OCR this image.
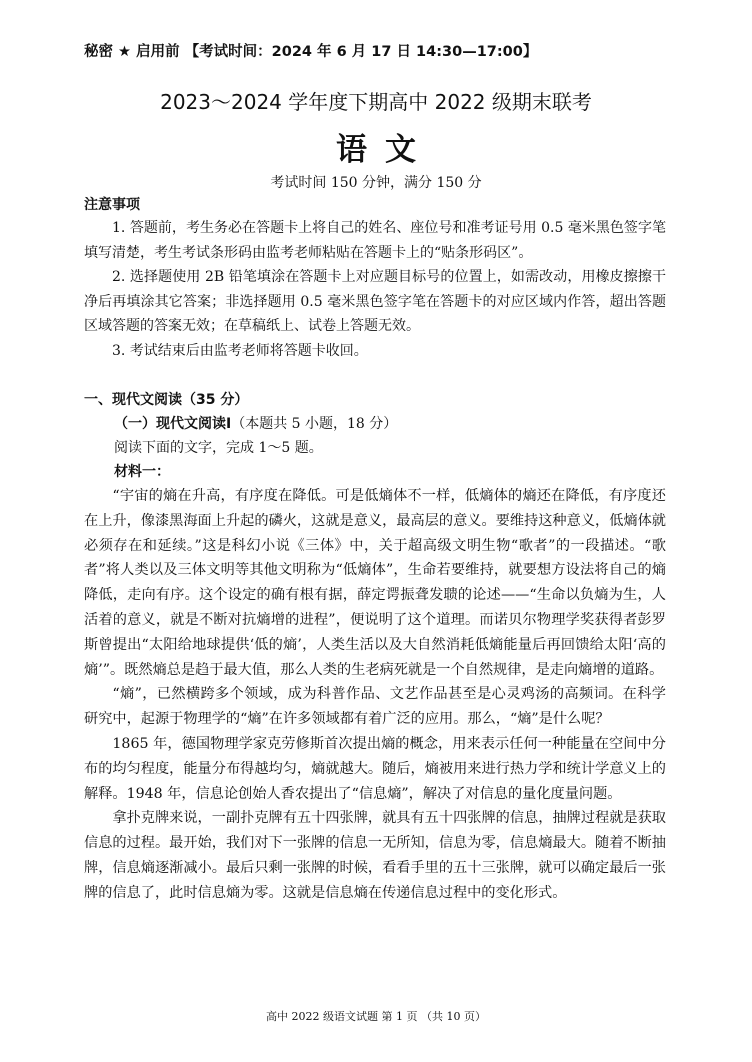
秘密 ★ 启用前 【考试时间：2024 年 6 月 17 日 14:30—17:00】
2023～2024 学年度下期高中 2022 级期末联考
语文
考试时间 150 分钟，满分 150 分
注意事项

1. 答题前，考生务必在答题卡上将自己的姓名、座位号和准考证号用 0.5 毫米黑色签字笔填写清楚，考生考试条形码由监考老师粘贴在答题卡上的“贴条形码区”。

2. 选择题使用 2B 铅笔填涂在答题卡上对应题目标号的位置上，如需改动，用橡皮擦擦干净后再填涂其它答案；非选择题用 0.5 毫米黑色签字笔在答题卡的对应区域内作答，超出答题区域答题的答案无效；在草稿纸上、试卷上答题无效。

3. 考试结束后由监考老师将答题卡收回。

一、现代文阅读（35 分）
（一）现代文阅读Ⅰ（本题共 5 小题，18 分）
阅读下面的文字，完成 1～5 题。
材料一：

“宇宙的熵在升高，有序度在降低。可是低熵体不一样，低熵体的熵还在降低，有序度还在上升，像漆黑海面上升起的磷火，这就是意义，最高层的意义。要维持这种意义，低熵体就必须存在和延续。”这是科幻小说《三体》中，关于超高级文明生物“歌者”的一段描述。“歌者”将人类以及三体文明等其他文明称为“低熵体”，生命若要维持，就要想方设法将自己的熵降低，走向有序。这个设定的确有根有据，薛定谔振聋发聩的论述——“生命以负熵为生，人活着的意义，就是不断对抗熵增的进程”，便说明了这个道理。而诺贝尔物理学奖获得者彭罗斯曾提出“太阳给地球提供‘低的熵’，人类生活以及大自然消耗低熵能量后再回馈给太阳‘高的熵’”。既然熵总是趋于最大值，那么人类的生老病死就是一个自然规律，是走向熵增的道路。

“熵”，已然横跨多个领域，成为科普作品、文艺作品甚至是心灵鸡汤的高频词。在科学研究中，起源于物理学的“熵”在许多领域都有着广泛的应用。那么，“熵”是什么呢？

1865 年，德国物理学家克劳修斯首次提出熵的概念，用来表示任何一种能量在空间中分布的均匀程度，能量分布得越均匀，熵就越大。随后，熵被用来进行热力学和统计学意义上的解释。1948 年，信息论创始人香农提出了“信息熵”，解决了对信息的量化度量问题。

拿扑克牌来说，一副扑克牌有五十四张牌，就具有五十四张牌的信息，抽牌过程就是获取信息的过程。最开始，我们对下一张牌的信息一无所知，信息为零，信息熵最大。随着不断抽牌，信息熵逐渐减小。最后只剩一张牌的时候，看看手里的五十三张牌，就可以确定最后一张牌的信息了，此时信息熵为零。这就是信息熵在传递信息过程中的变化形式。

高中 2022 级语文试题 第 1 页 （共 10 页）
